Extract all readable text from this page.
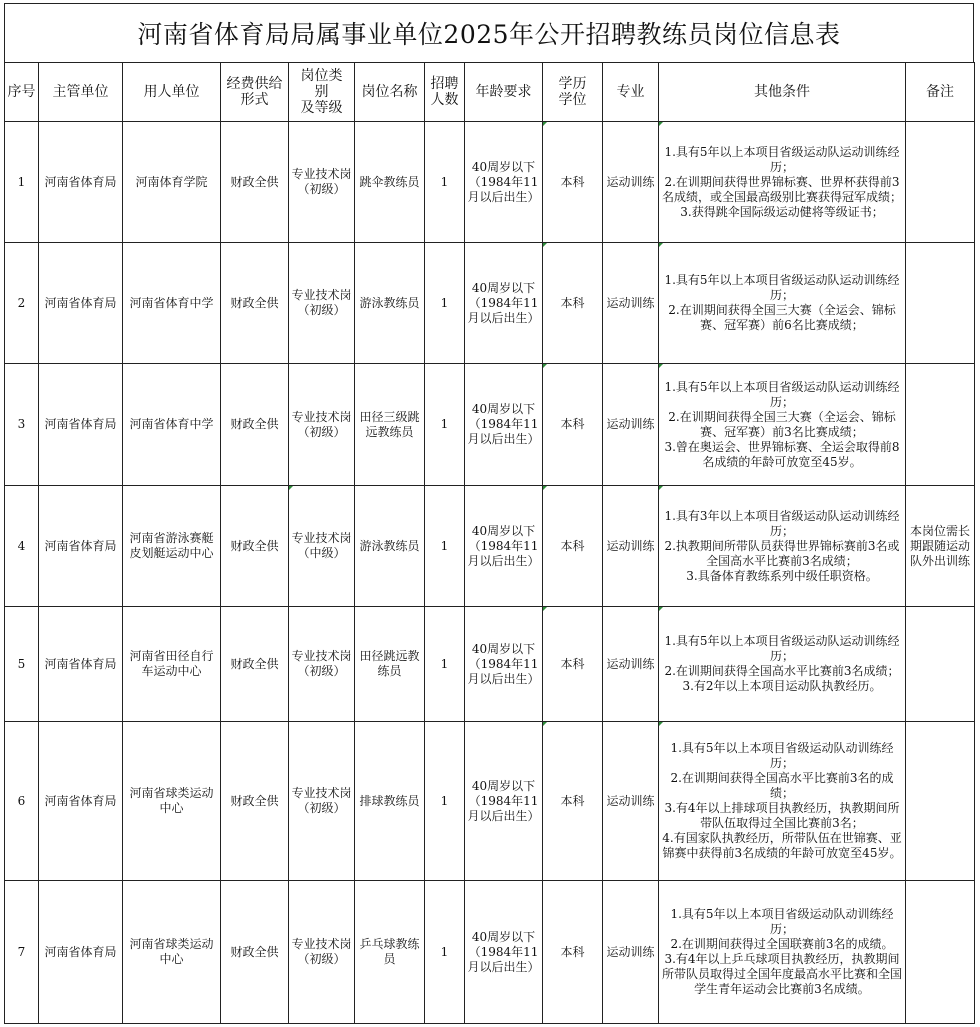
河南省体育局局属事业单位2025年公开招聘教练员岗位信息表
序号	主管单位	用人单位	经费供给形式	岗位类
别
及等级	岗位名称	招聘
人数	年龄要求	学历
学位	专业	其他条件	备注
1	河南省体育局	河南体育学院	财政全供	专业技术岗（初级）	跳伞教练员	1	40周岁以下（1984年11月以后出生）	本科	运动训练	1.具有5年以上本项目省级运动队运动训练经历；
2.在训期间获得世界锦标赛、世界杯获得前3名成绩，或全国最高级别比赛获得冠军成绩；
3.获得跳伞国际级运动健将等级证书；	

2	河南省体育局	河南省体育中学	财政全供	专业技术岗（初级）	游泳教练员	1	40周岁以下（1984年11月以后出生）	本科	运动训练	1.具有5年以上本项目省级运动队运动训练经历；
2.在训期间获得全国三大赛（全运会、锦标赛、冠军赛）前6名比赛成绩；	

3	河南省体育局	河南省体育中学	财政全供	专业技术岗（初级）	田径三级跳远教练员	1	40周岁以下（1984年11月以后出生）	本科	运动训练	1.具有5年以上本项目省级运动队运动训练经历；
2.在训期间获得全国三大赛（全运会、锦标赛、冠军赛）前3名比赛成绩；
3.曾在奥运会、世界锦标赛、全运会取得前8名成绩的年龄可放宽至45岁。	

4	河南省体育局	河南省游泳赛艇皮划艇运动中心	财政全供	专业技术岗（中级）	游泳教练员	1	40周岁以下（1984年11月以后出生）	本科	运动训练	1.具有3年以上本项目省级运动队运动训练经历；
2.执教期间所带队员获得世界锦标赛前3名或全国高水平比赛前3名成绩；
3.具备体育教练系列中级任职资格。	本岗位需长期跟随运动队外出训练
5	河南省体育局	河南省田径自行车运动中心	财政全供	专业技术岗（初级）	田径跳远教练员	1	40周岁以下（1984年11月以后出生）	本科	运动训练	1.具有5年以上本项目省级运动队运动训练经历；
2.在训期间获得全国高水平比赛前3名成绩；
3.有2年以上本项目运动队执教经历。	

6	河南省体育局	河南省球类运动中心	财政全供	专业技术岗（初级）	排球教练员	1	40周岁以下（1984年11月以后出生）	本科	运动训练	1.具有5年以上本项目省级运动队动训练经历；
2.在训期间获得全国高水平比赛前3名的成绩；
3.有4年以上排球项目执教经历，执教期间所带队伍取得过全国比赛前3名；
4.有国家队执教经历，所带队伍在世锦赛、亚锦赛中获得前3名成绩的年龄可放宽至45岁。	

7	河南省体育局	河南省球类运动中心	财政全供	专业技术岗（初级）	乒乓球教练员	1	40周岁以下（1984年11月以后出生）	本科	运动训练	1.具有5年以上本项目省级运动队动训练经历；
2.在训期间获得过全国联赛前3名的成绩。
3.有4年以上乒乓球项目执教经历，执教期间所带队员取得过全国年度最高水平比赛和全国学生青年运动会比赛前3名成绩。	
